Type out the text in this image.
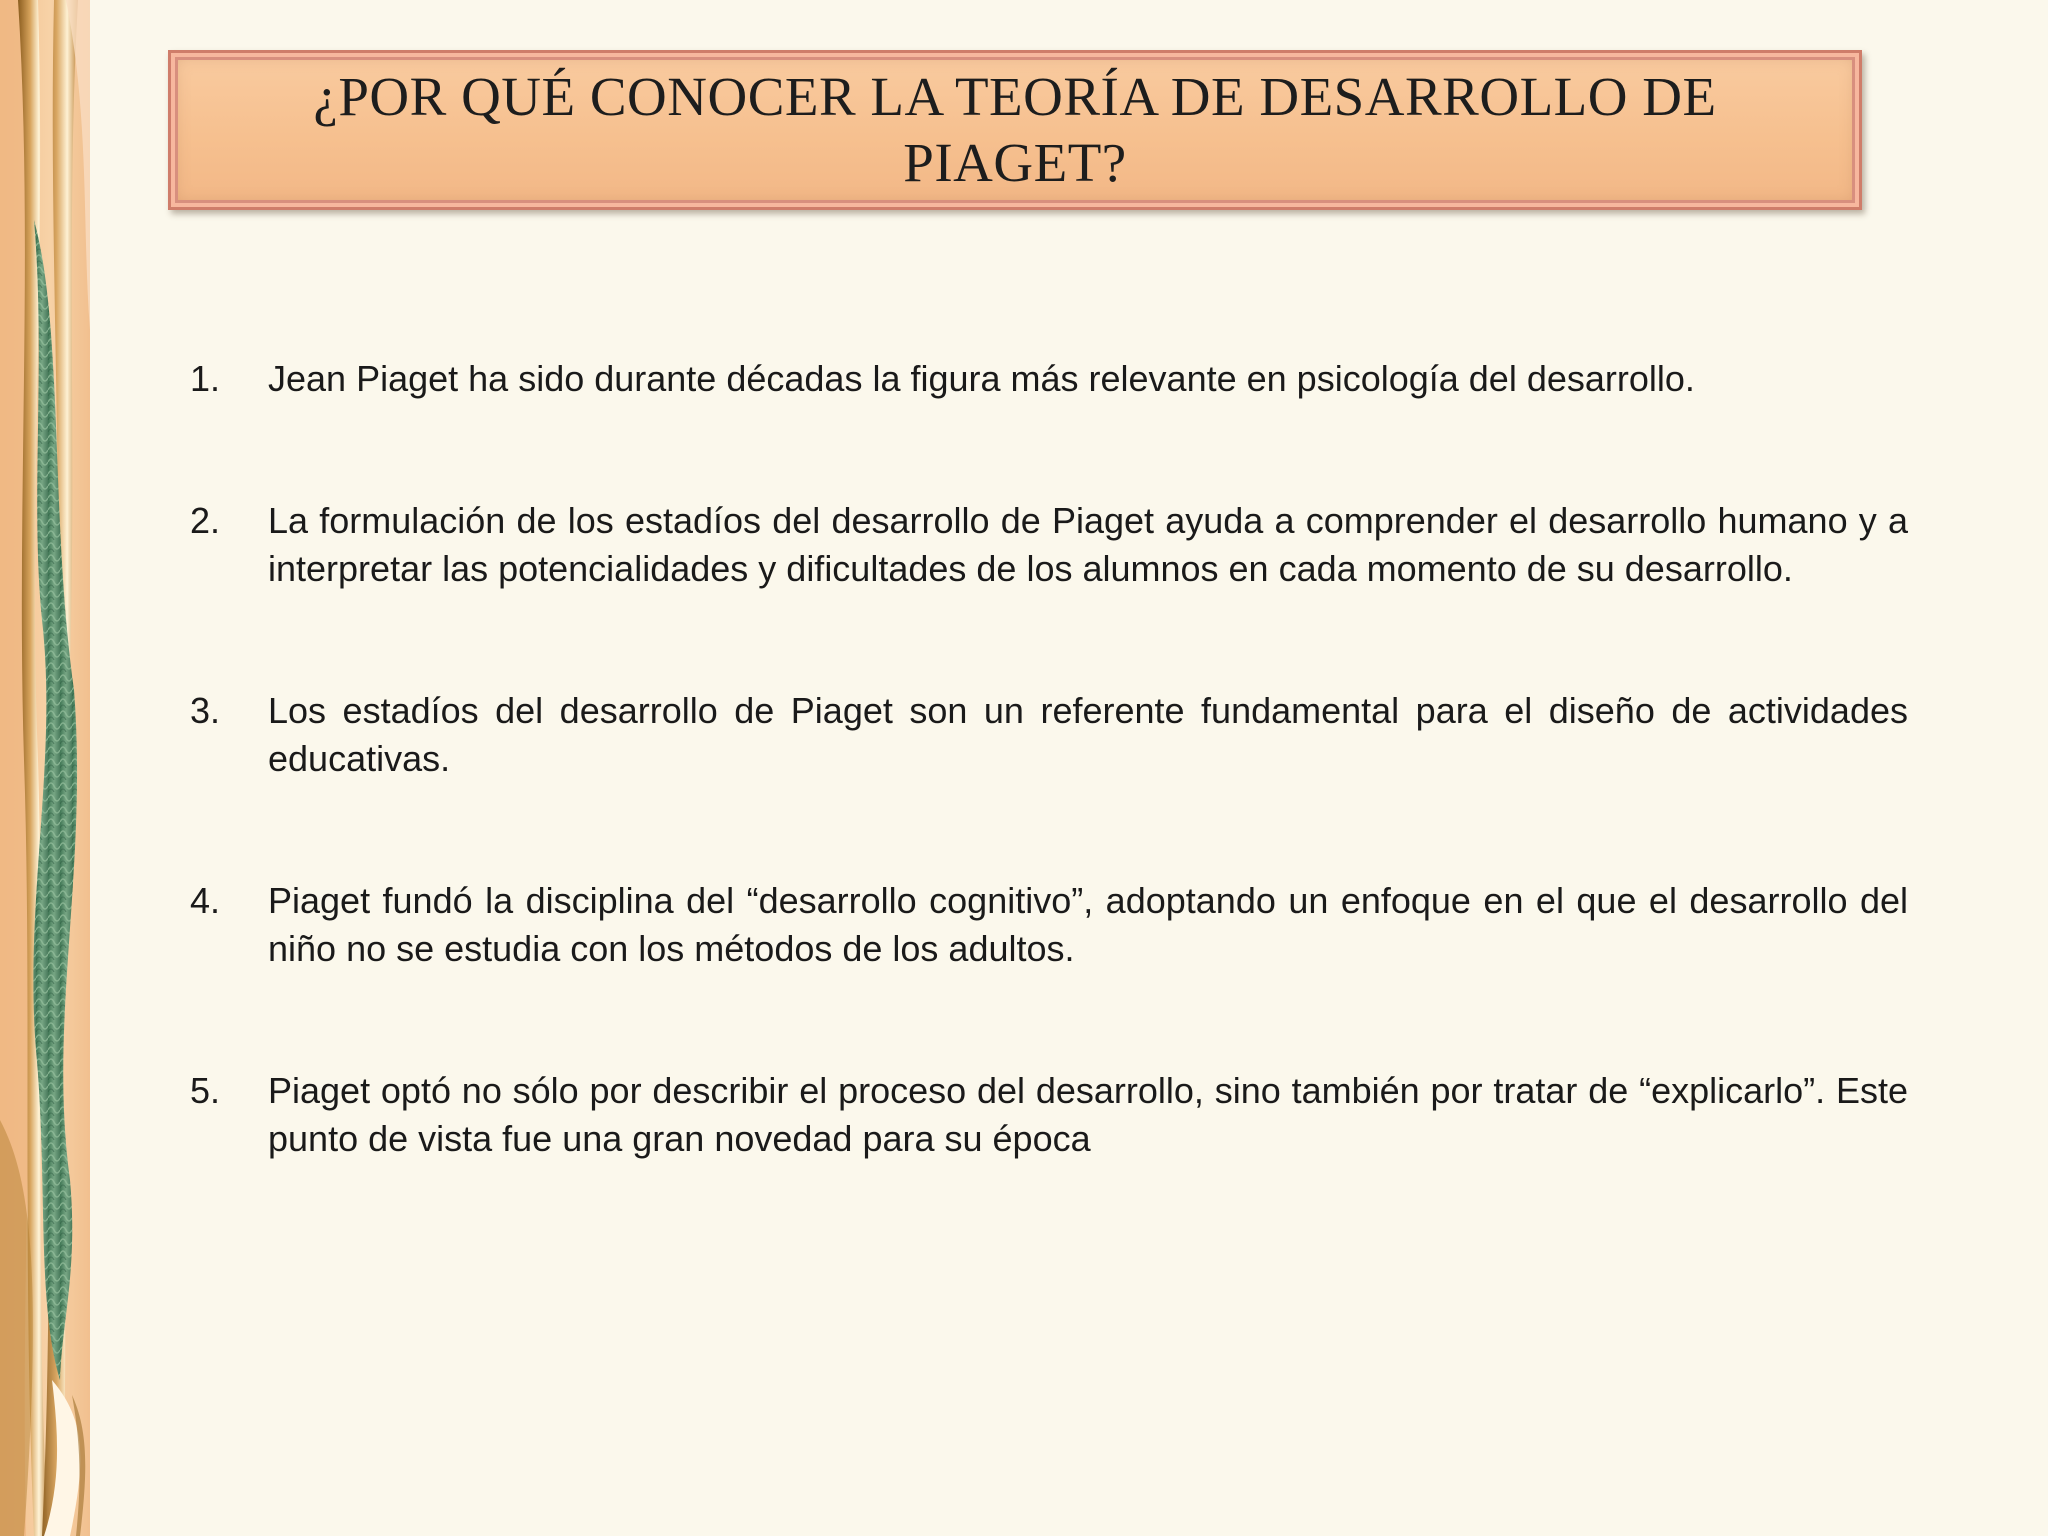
¿POR QUÉ CONOCER LA TEORÍA DE DESARROLLO DE PIAGET?
1.	Jean Piaget ha sido durante décadas la figura más relevante en psicología del desarrollo.
2.	La formulación de los estadíos del desarrollo de Piaget ayuda a comprender el desarrollo humano y a interpretar las potencialidades y dificultades de los alumnos en cada momento de su desarrollo.
3.	Los estadíos del desarrollo de Piaget son un referente fundamental para el diseño de actividades educativas.
4.	Piaget fundó la disciplina del “desarrollo cognitivo”, adoptando un enfoque en el que el desarrollo del niño no se estudia con los métodos de los adultos.
5.	Piaget optó no sólo por describir el proceso del desarrollo, sino también por tratar de “explicarlo”. Este punto de vista fue una gran novedad para su época
